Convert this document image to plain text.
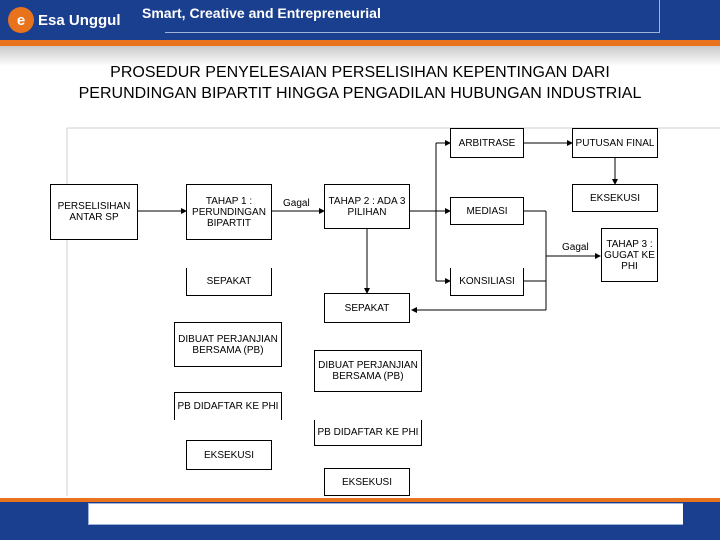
e Esa Unggul Smart, Creative and Entrepreneurial
PROSEDUR PENYELESAIAN PERSELISIHAN KEPENTINGAN DARI
PERUNDINGAN BIPARTIT HINGGA PENGADILAN HUBUNGAN INDUSTRIAL
PERSELISIHAN ANTAR SP
TAHAP 1 : PERUNDINGAN BIPARTIT
Gagal	TAHAP 2 : ADA 3 PILIHAN
SEPAKAT
DIBUAT PERJANJIAN BERSAMA (PB)
PB DIDAFTAR KE PHI
EKSEKUSI
ARBITRASE
MEDIASI
KONSILIASI
PUTUSAN FINAL
EKSEKUSI
Gagal	TAHAP 3 : GUGAT KE PHI
SEPAKAT
DIBUAT PERJANJIAN BERSAMA (PB)
PB DIDAFTAR KE PHI
EKSEKUSI
